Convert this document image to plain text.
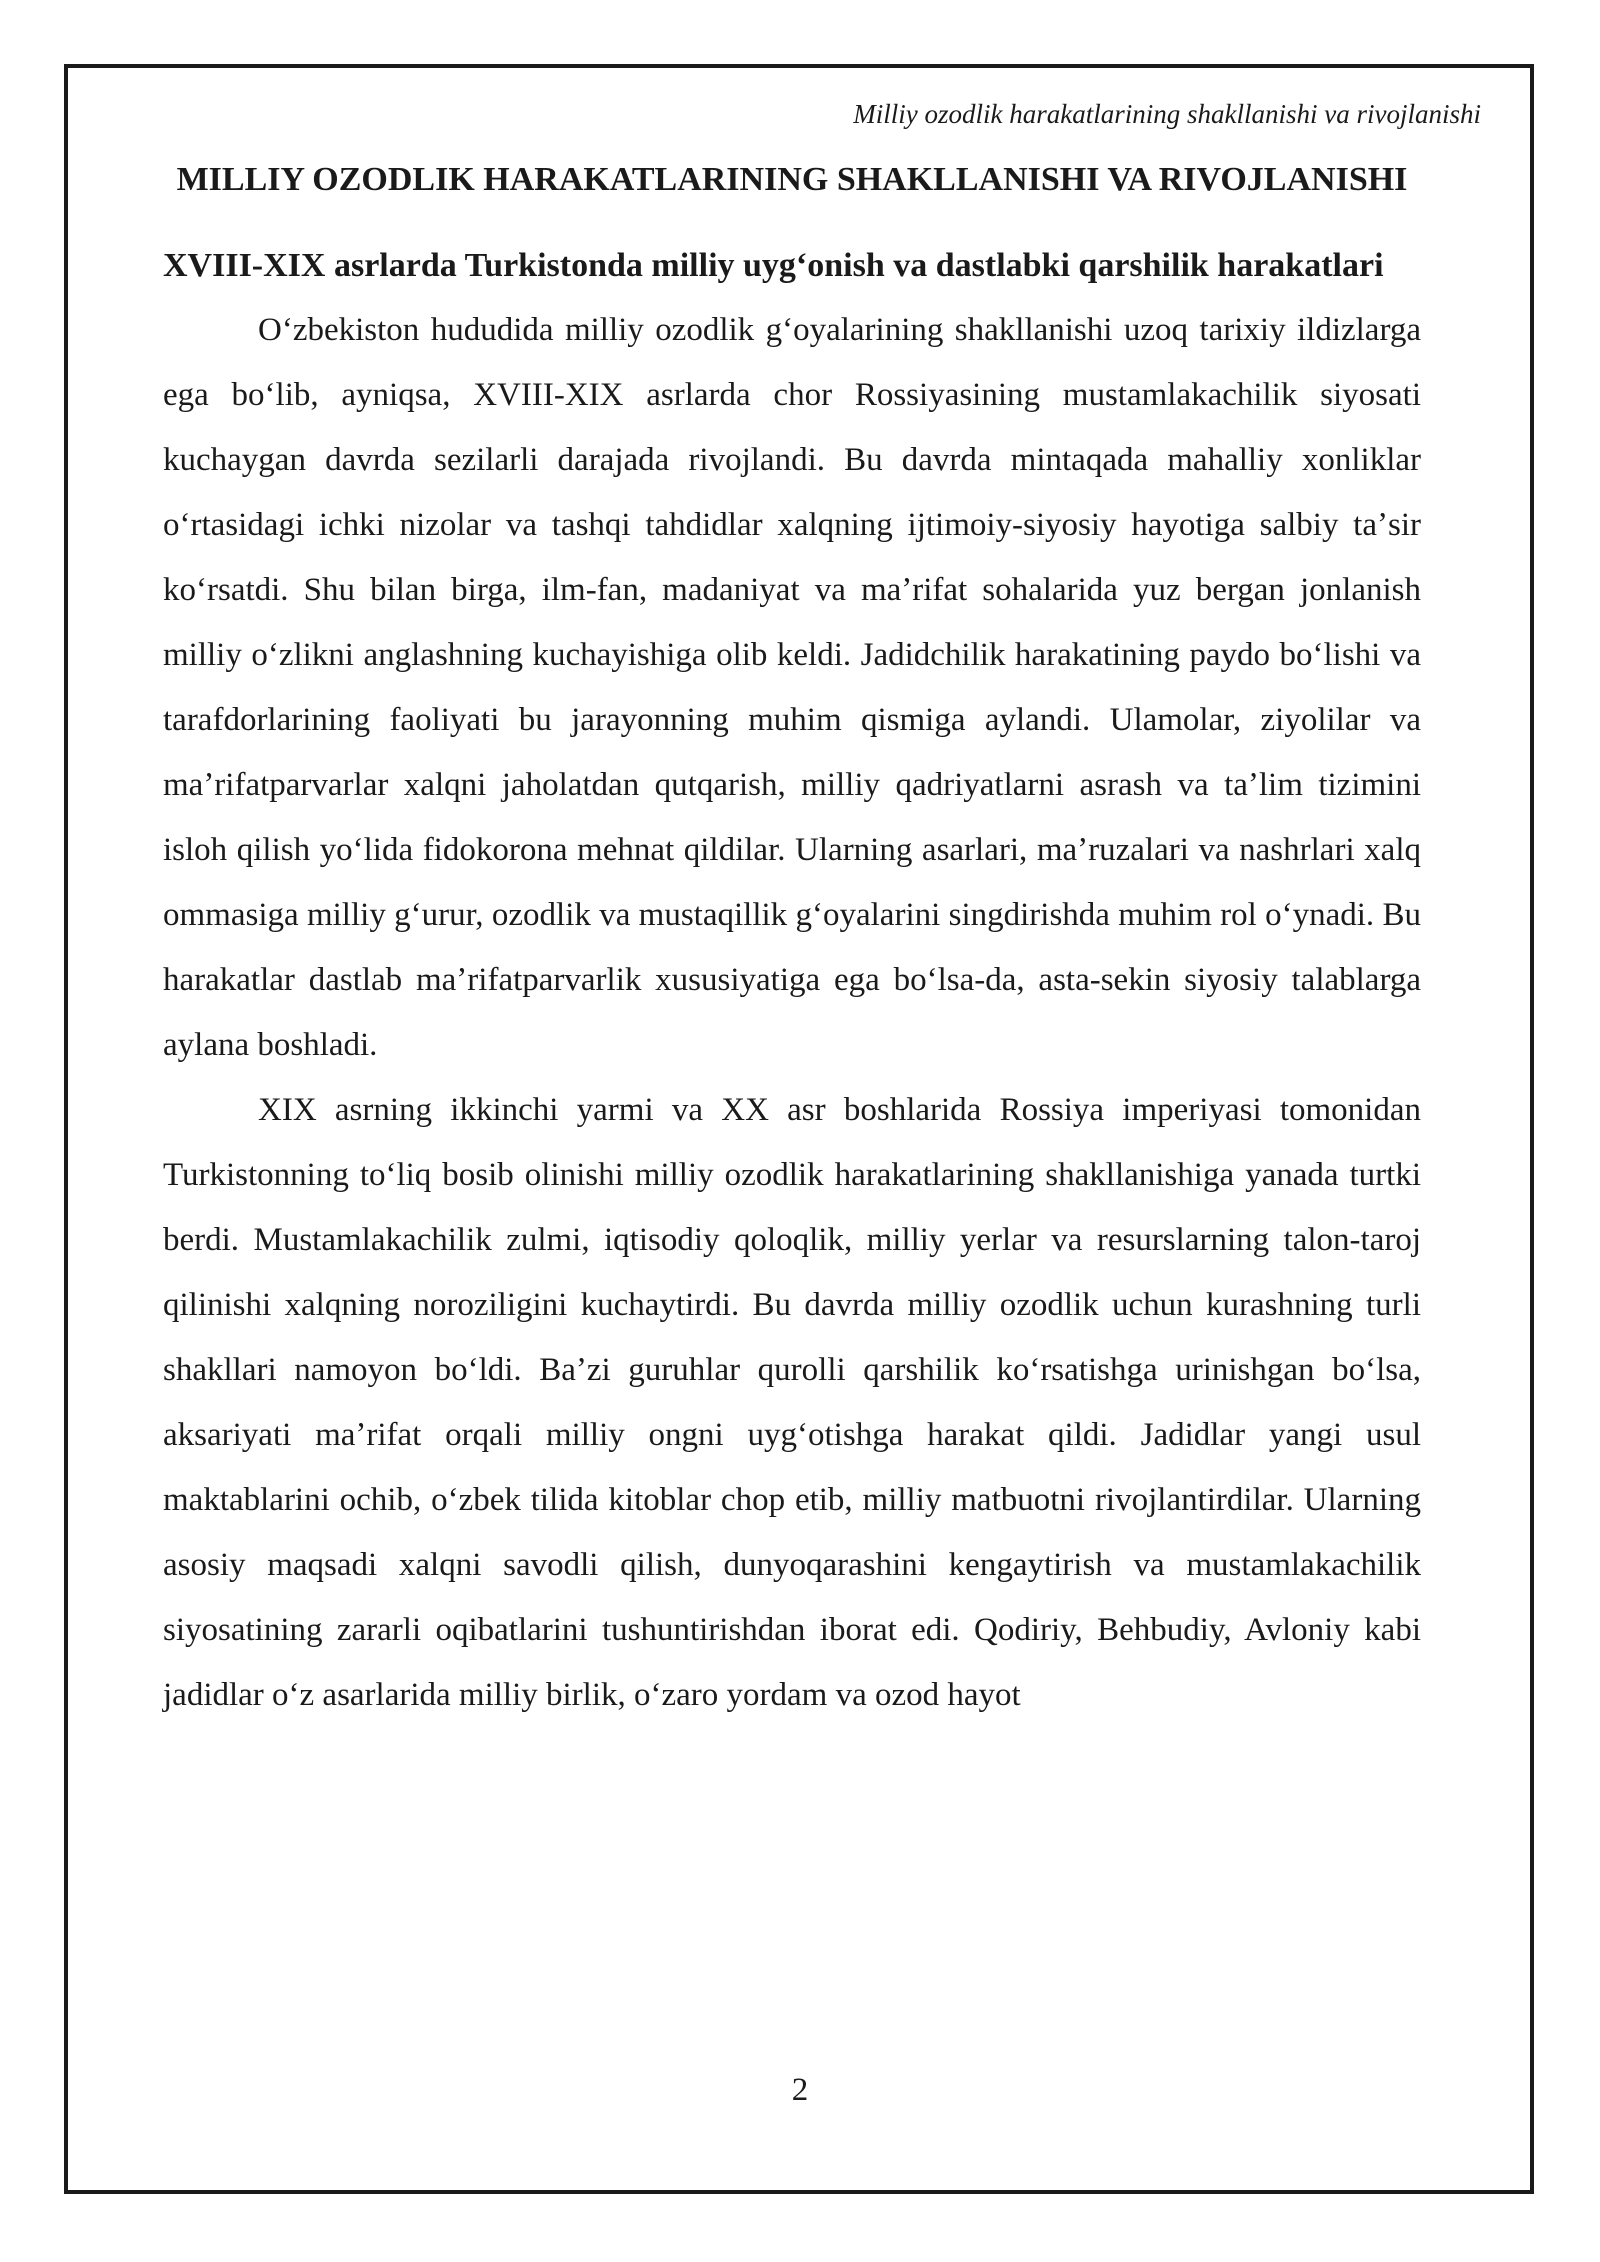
Milliy ozodlik harakatlarining shakllanishi va rivojlanishi
MILLIY OZODLIK HARAKATLARINING SHAKLLANISHI VA RIVOJLANISHI
XVIII-XIX asrlarda Turkistonda milliy uygʻonish va dastlabki qarshilik harakatlari

Oʻzbekiston hududida milliy ozodlik gʻoyalarining shakllanishi uzoq tarixiy ildizlarga ega boʻlib, ayniqsa, XVIII-XIX asrlarda chor Rossiyasining mustamlakachilik siyosati kuchaygan davrda sezilarli darajada rivojlandi. Bu davrda mintaqada mahalliy xonliklar oʻrtasidagi ichki nizolar va tashqi tahdidlar xalqning ijtimoiy-siyosiy hayotiga salbiy taʼsir koʻrsatdi. Shu bilan birga, ilm-fan, madaniyat va maʼrifat sohalarida yuz bergan jonlanish milliy oʻzlikni anglashning kuchayishiga olib keldi. Jadidchilik harakatining paydo boʻlishi va tarafdorlarining faoliyati bu jarayonning muhim qismiga aylandi. Ulamolar, ziyolilar va maʼrifatparvarlar xalqni jaholatdan qutqarish, milliy qadriyatlarni asrash va taʼlim tizimini isloh qilish yoʻlida fidokorona mehnat qildilar. Ularning asarlari, maʼruzalari va nashrlari xalq ommasiga milliy gʻurur, ozodlik va mustaqillik gʻoyalarini singdirishda muhim rol oʻynadi. Bu harakatlar dastlab maʼrifatparvarlik xususiyatiga ega boʻlsa-da, asta-sekin siyosiy talablarga aylana boshladi.

XIX asrning ikkinchi yarmi va XX asr boshlarida Rossiya imperiyasi tomonidan Turkistonning toʻliq bosib olinishi milliy ozodlik harakatlarining shakllanishiga yanada turtki berdi. Mustamlakachilik zulmi, iqtisodiy qoloqlik, milliy yerlar va resurslarning talon-taroj qilinishi xalqning noroziligini kuchaytirdi. Bu davrda milliy ozodlik uchun kurashning turli shakllari namoyon boʻldi. Baʼzi guruhlar qurolli qarshilik koʻrsatishga urinishgan boʻlsa, aksariyati maʼrifat orqali milliy ongni uygʻotishga harakat qildi. Jadidlar yangi usul maktablarini ochib, oʻzbek tilida kitoblar chop etib, milliy matbuotni rivojlantirdilar. Ularning asosiy maqsadi xalqni savodli qilish, dunyoqarashini kengaytirish va mustamlakachilik siyosatining zararli oqibatlarini tushuntirishdan iborat edi. Qodiriy, Behbudiy, Avloniy kabi jadidlar oʻz asarlarida milliy birlik, oʻzaro yordam va ozod hayot

2
